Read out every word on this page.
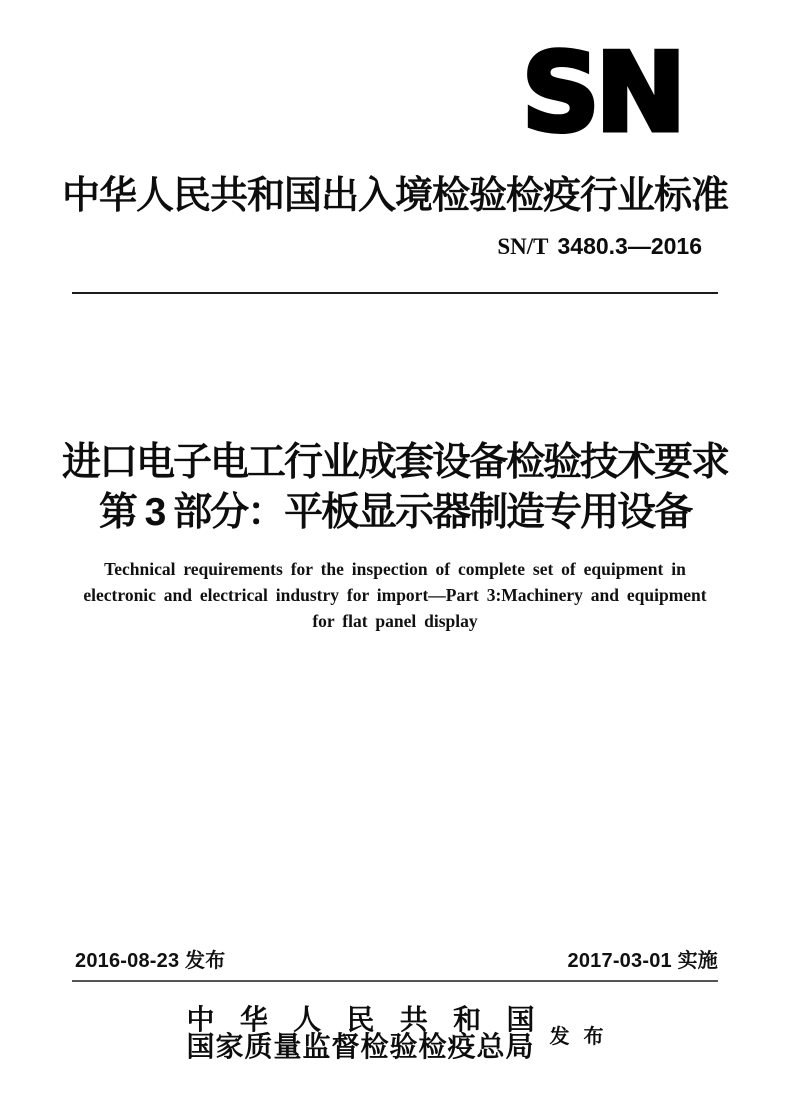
SN
中华人民共和国出入境检验检疫行业标准
SN/T 3480.3—2016
进口电子电工行业成套设备检验技术要求
第 3 部分：平板显示器制造专用设备
Technical requirements for the inspection of complete set of equipment in
electronic and electrical industry for import—Part 3:Machinery and equipment
for flat panel display
2016-08-23 发布	2017-03-01 实施
中华人民共和国
国家质量监督检验检疫总局 发布
